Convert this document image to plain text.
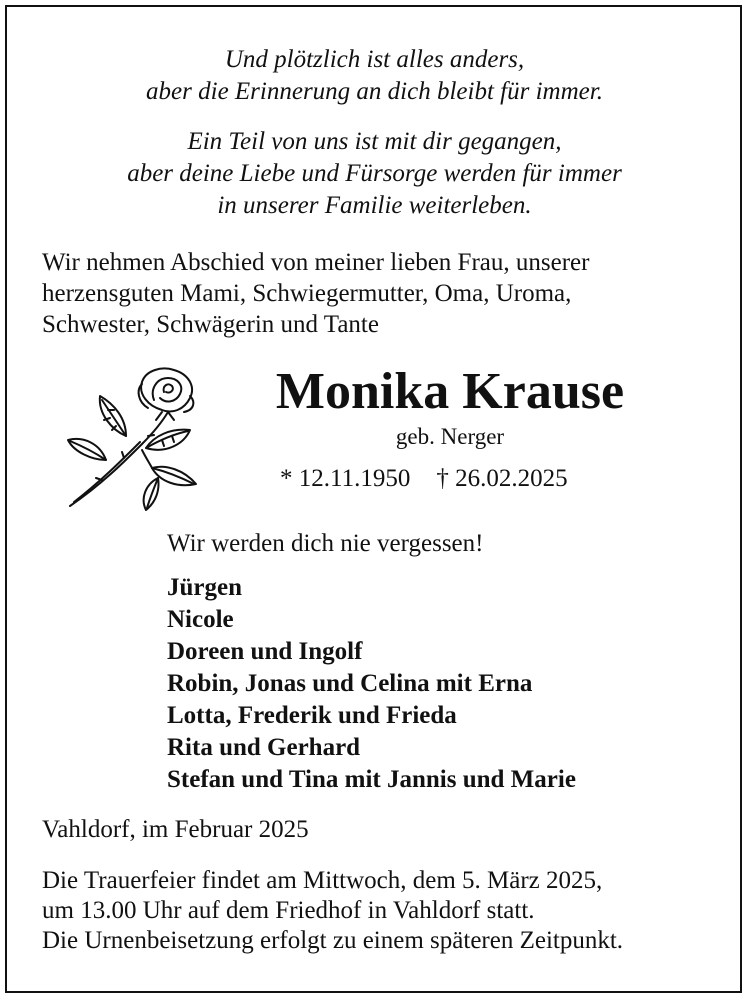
Und plötzlich ist alles anders,
aber die Erinnerung an dich bleibt für immer.
Ein Teil von uns ist mit dir gegangen,
aber deine Liebe und Fürsorge werden für immer
in unserer Familie weiterleben.
Wir nehmen Abschied von meiner lieben Frau, unserer
herzensguten Mami, Schwiegermutter, Oma, Uroma,
Schwester, Schwägerin und Tante
Monika Krause
geb. Nerger
* 12.11.1950 † 26.02.2025
Wir werden dich nie vergessen!
Jürgen
Nicole
Doreen und Ingolf
Robin, Jonas und Celina mit Erna
Lotta, Frederik und Frieda
Rita und Gerhard
Stefan und Tina mit Jannis und Marie
Vahldorf, im Februar 2025
Die Trauerfeier findet am Mittwoch, dem 5. März 2025,
um 13.00 Uhr auf dem Friedhof in Vahldorf statt.
Die Urnenbeisetzung erfolgt zu einem späteren Zeitpunkt.
